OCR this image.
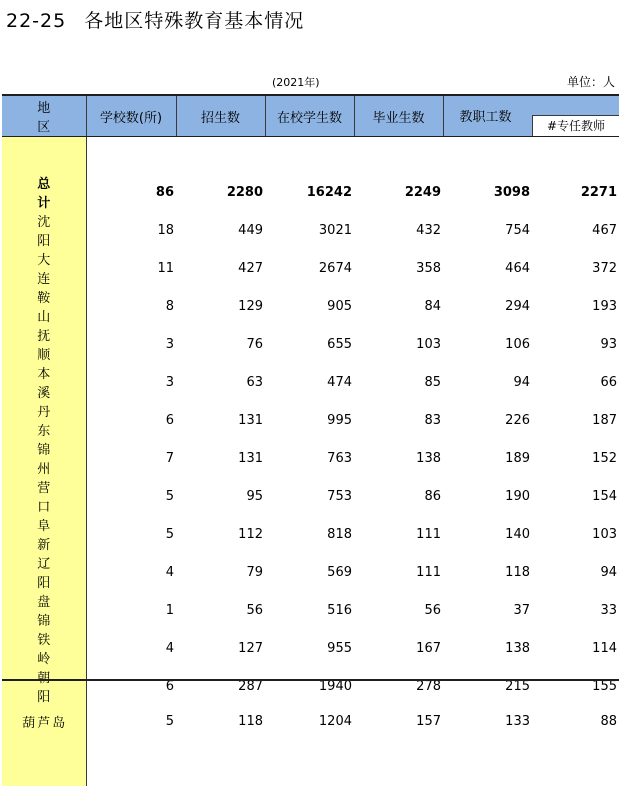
22-25 各地区特殊教育基本情况
(2021年)	单位：人
地区	学校数(所)	招生数	在校学生数	毕业生数	教职工数
#专任教师	

总计	86	2280	16242	2249	3098	2271
沈阳	18	449	3021	432	754	467
大连	11	427	2674	358	464	372
鞍山	8	129	905	84	294	193
抚顺	3	76	655	103	106	93
本溪	3	63	474	85	94	66
丹东	6	131	995	83	226	187
锦州	7	131	763	138	189	152
营口	5	95	753	86	190	154
阜新	5	112	818	111	140	103
辽阳	4	79	569	111	118	94
盘锦	1	56	516	56	37	33
铁岭	4	127	955	167	138	114
朝阳	6	287	1940	278	215	155
葫芦岛	5	118	1204	157	133	88
